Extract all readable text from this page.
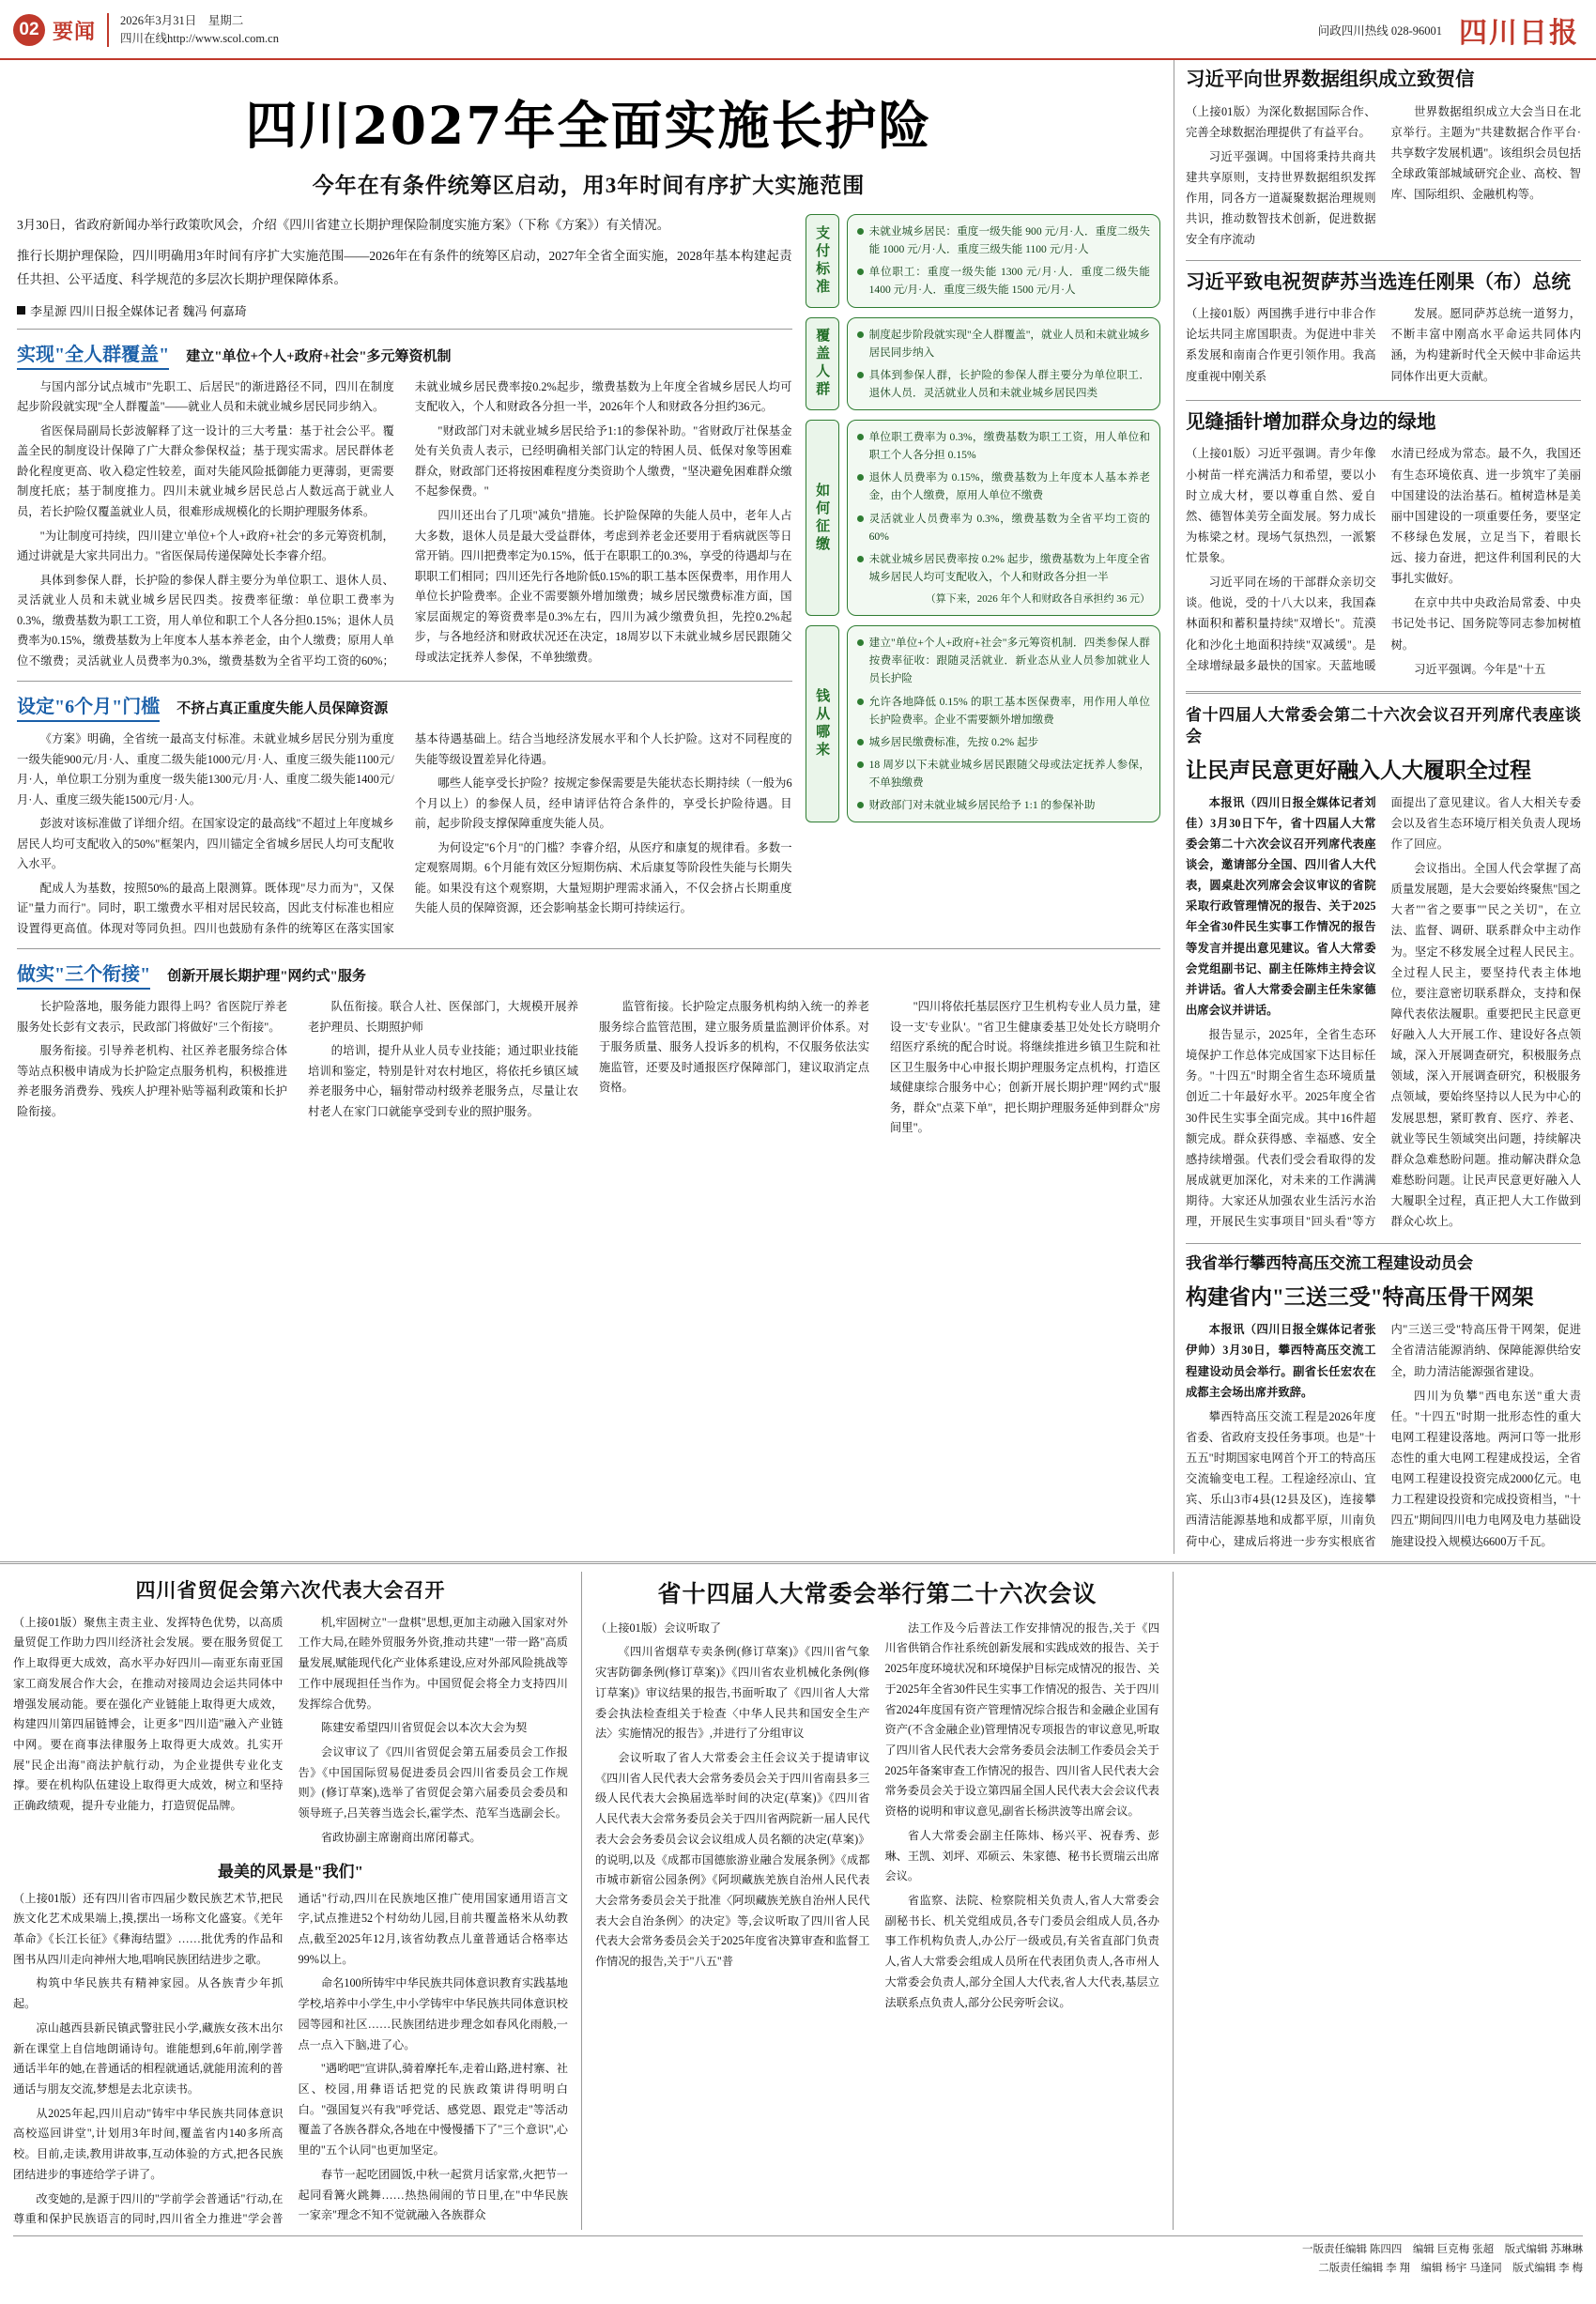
02 要闻 2026年3月31日　星期二
四川在线http://www.scol.com.cn
问政四川热线 028-96001 四川日报
四川2027年全面实施长护险
今年在有条件统筹区启动，用3年时间有序扩大实施范围

3月30日，省政府新闻办举行政策吹风会，介绍《四川省建立长期护理保险制度实施方案》（下称《方案》）有关情况。

推行长期护理保险，四川明确用3年时间有序扩大实施范围——2026年在有条件的统筹区启动，2027年全省全面实施，2028年基本构建起责任共担、公平适度、科学规范的多层次长期护理保障体系。

李星源 四川日报全媒体记者 魏冯 何嘉琦
实现"全人群覆盖" 建立"单位+个人+政府+社会"多元筹资机制

与国内部分试点城市"先职工、后居民"的渐进路径不同，四川在制度起步阶段就实现"全人群覆盖"——就业人员和未就业城乡居民同步纳入。

省医保局副局长彭波解释了这一设计的三大考量：基于社会公平。覆盖全民的制度设计保障了广大群众参保权益；基于现实需求。居民群体老龄化程度更高、收入稳定性较差，面对失能风险抵御能力更薄弱，更需要制度托底；基于制度推力。四川未就业城乡居民总占人数远高于就业人员，若长护险仅覆盖就业人员，很难形成规模化的长期护理服务体系。

"为让制度可持续，四川建立'单位+个人+政府+社会'的多元筹资机制，通过讲就是大家共同出力。"省医保局传递保障处长李睿介绍。

具体到参保人群，长护险的参保人群主要分为单位职工、退休人员、灵活就业人员和未就业城乡居民四类。按费率征缴：单位职工费率为0.3%，缴费基数为职工工资，用人单位和职工个人各分担0.15%；退休人员费率为0.15%，缴费基数为上年度本人基本养老金，由个人缴费；原用人单位不缴费；灵活就业人员费率为0.3%，缴费基数为全省平均工资的60%；未就业城乡居民费率按0.2%起步，缴费基数为上年度全省城乡居民人均可支配收入，个人和财政各分担一半，2026年个人和财政各分担约36元。

"财政部门对未就业城乡居民给予1:1的参保补助。"省财政厅社保基金处有关负责人表示，已经明确相关部门认定的特困人员、低保对象等困难群众，财政部门还将按困难程度分类资助个人缴费，"坚决避免困难群众缴不起参保费。"

四川还出台了几项"减负"措施。长护险保障的失能人员中，老年人占大多数，退休人员是最大受益群体，考虑到养老金还要用于看病就医等日常开销。四川把费率定为0.15%，低于在职职工的0.3%，享受的待遇却与在职职工们相同；四川还先行各地阶低0.15%的职工基本医保费率，用作用人单位长护险费率。企业不需要额外增加缴费；城乡居民缴费标准方面，国家层面规定的筹资费率是0.3%左右，四川为减少缴费负担，先控0.2%起步，与各地经济和财政状况还在决定，18周岁以下未就业城乡居民跟随父母或法定抚养人参保，不单独缴费。

设定"6个月"门槛 不挤占真正重度失能人员保障资源

《方案》明确，全省统一最高支付标准。未就业城乡居民分别为重度一级失能900元/月·人、重度二级失能1000元/月·人、重度三级失能1100元/月·人，单位职工分别为重度一级失能1300元/月·人、重度二级失能1400元/月·人、重度三级失能1500元/月·人。

彭波对该标准做了详细介绍。在国家设定的最高线"不超过上年度城乡居民人均可支配收入的50%"框架内，四川锚定全省城乡居民人均可支配收入水平。

配成人为基数，按照50%的最高上限测算。既体现"尽力而为"，又保证"量力而行"。同时，职工缴费水平相对居民较高，因此支付标准也相应设置得更高值。体现对等同负担。四川也鼓励有条件的统筹区在落实国家基本待遇基础上。结合当地经济发展水平和个人长护险。这对不同程度的失能等级设置差异化待遇。

哪些人能享受长护险？按规定参保需要是失能状态长期持续（一般为6个月以上）的参保人员，经申请评估符合条件的，享受长护险待遇。目前，起步阶段支撑保障重度失能人员。

为何设定"6个月"的门槛？李睿介绍，从医疗和康复的规律看。多数一定观察周期。6个月能有效区分短期伤病、术后康复等阶段性失能与长期失能。如果没有这个观察期，大量短期护理需求涌入，不仅会挤占长期重度失能人员的保障资源，还会影响基金长期可持续运行。

支付标准	未就业城乡居民：重度一级失能 900 元/月·人．重度二级失能 1000 元/月·人．重度三级失能 1100 元/月·人

单位职工：重度一级失能 1300 元/月·人．重度二级失能 1400 元/月·人．重度三级失能 1500 元/月·人

覆盖人群	制度起步阶段就实现"全人群覆盖"，就业人员和未就业城乡居民同步纳入

具体到参保人群，长护险的参保人群主要分为单位职工．退休人员．灵活就业人员和未就业城乡居民四类

如何征缴

单位职工费率为 0.3%，缴费基数为职工工资，用人单位和职工个人各分担 0.15%

退休人员费率为 0.15%，缴费基数为上年度本人基本养老金，由个人缴费，原用人单位不缴费

灵活就业人员费率为 0.3%，缴费基数为全省平均工资的 60%

未就业城乡居民费率按 0.2% 起步，缴费基数为上年度全省城乡居民人均可支配收入，个人和财政各分担一半

（算下来，2026 年个人和财政各自承担约 36 元）

钱从哪来

建立"单位+个人+政府+社会"多元筹资机制．四类参保人群按费率征收：跟随灵活就业．新业态从业人员参加就业人员长护险

允许各地降低 0.15% 的职工基本医保费率，用作用人单位长护险费率。企业不需要额外增加缴费

城乡居民缴费标准，先按 0.2% 起步

18 周岁以下未就业城乡居民跟随父母或法定抚养人参保，不单独缴费

财政部门对未就业城乡居民给予 1:1 的参保补助

做实"三个衔接" 创新开展长期护理"网约式"服务

长护险落地，服务能力跟得上吗？省医院厅养老服务处长彭有文表示，民政部门将做好"三个衔接"。

服务衔接。引导养老机构、社区养老服务综合体等站点积极申请成为长护险定点服务机构，积极推进养老服务消费券、残疾人护理补贴等福利政策和长护险衔接。

队伍衔接。联合人社、医保部门，大规模开展养老护理员、长期照护师

的培训，提升从业人员专业技能；通过职业技能培训和鉴定，特别是针对农村地区，将依托乡镇区域养老服务中心，辐射带动村级养老服务点，尽量让农村老人在家门口就能享受到专业的照护服务。

监管衔接。长护险定点服务机构纳入统一的养老服务综合监管范围，建立服务质量监测评价体系。对于服务质量、服务人投诉多的机构，不仅服务依法实施监管，还要及时通报医疗保障部门，建议取消定点资格。

"四川将依托基层医疗卫生机构专业人员力量，建设一支'专业队'。"省卫生健康委基卫处处长方晓明介绍医疗系统的配合时说。将继续推进乡镇卫生院和社区卫生服务中心申报长期护理服务定点机构，打造区域健康综合服务中心；创新开展长期护理"网约式"服务，群众"点菜下单"，把长期护理服务延伸到群众"房间里"。

习近平向世界数据组织成立致贺信

（上接01版）为深化数据国际合作、完善全球数据治理提供了有益平台。

习近平强调。中国将秉持共商共建共享原则，支持世界数据组织发挥作用，同各方一道凝聚数据治理规则共识，推动数智技术创新，促进数据安全有序流动

世界数据组织成立大会当日在北京举行。主题为"共建数据合作平台·共享数字发展机遇"。该组织会员包括全球政策部城域研究企业、高校、智库、国际组织、金融机构等。

习近平致电祝贺萨苏当选连任刚果（布）总统

（上接01版）两国携手进行中非合作论坛共同主席国职责。为促进中非关系发展和南南合作更引领作用。我高度重视中刚关系

发展。愿同萨苏总统一道努力，不断丰富中刚高水平命运共同体内涵，为构建新时代全天候中非命运共同体作出更大贡献。

见缝插针增加群众身边的绿地

（上接01版）习近平强调。青少年像小树苗一样充满活力和希望，要以小时立成大材，要以尊重自然、爱自然、德智体美劳全面发展。努力成长为栋梁之材。现场气氛热烈，一派繁忙景象。

习近平同在场的干部群众亲切交谈。他说，受的十八大以来，我国森林面积和蓄积量持续"双增长"。荒漠化和沙化土地面积持续"双减缓"。是全球增绿最多最快的国家。天蓝地暖水清已经成为常态。最不久，我国还有生态环境依真、进一步筑牢了美丽中国建设的法治基石。植树造林是美丽中国建设的一项重要任务，要坚定不移绿色发展，立足当下，着眼长远、接力奋进，把这件利国利民的大事扎实做好。

在京中共中央政治局常委、中央书记处书记、国务院等同志参加树植树。

习近平强调。今年是"十五

省十四届人大常委会第二十六次会议召开列席代表座谈会
让民声民意更好融入人大履职全过程

本报讯（四川日报全媒体记者刘佳）3月30日下午，省十四届人大常委会第二十六次会议召开列席代表座谈会，邀请部分全国、四川省人大代表，圆桌赴次列席会会议审议的省院采取行政管理情况的报告、关于2025年全省30件民生实事工作情况的报告等发言并提出意见建议。省人大常委会党组副书记、副主任陈炜主持会议并讲话。省人大常委会副主任朱家德出席会议并讲话。

报告显示，2025年，全省生态环境保护工作总体完成国家下达目标任务。"十四五"时期全省生态环境质量创近二十年最好水平。2025年度全省30件民生实事全面完成。其中16件超额完成。群众获得感、幸福感、安全感持续增强。代表们受会看取得的发展成就更加深化，对未来的工作满满期待。大家还从加强农业生活污水治理，开展民生实事项目"回头看"等方面提出了意见建议。省人大相关专委会以及省生态环境厅相关负责人现场作了回应。

会议指出。全国人代会掌握了高质量发展题，是大会要始终聚焦"国之大者""省之要事""民之关切"，在立法、监督、调研、联系群众中主动作为。坚定不移发展全过程人民民主。全过程人民主，要坚持代表主体地位，要注意密切联系群众，支持和保障代表依法履职。重要把民主民意更好融入人大开展工作、建设好各点领域，深入开展调查研究，积极服务点领域，深入开展调查研究，积极服务点领域，要始终坚持以人民为中心的发展思想，紧盯教育、医疗、养老、就业等民生领域突出问题，持续解决群众急难愁盼问题。推动解决群众急难愁盼问题。让民声民意更好融入人大履职全过程，真正把人大工作做到群众心坎上。

我省举行攀西特高压交流工程建设动员会
构建省内"三送三受"特高压骨干网架

本报讯（四川日报全媒体记者张伊帅）3月30日，攀西特高压交流工程建设动员会举行。副省长任宏农在成都主会场出席并致辞。

攀西特高压交流工程是2026年度省委、省政府支投任务事项。也是"十五五"时期国家电网首个开工的特高压交流输变电工程。工程途经凉山、宜宾、乐山3市4县(12县及区)，连接攀西清洁能源基地和成都平原，川南负荷中心，建成后将进一步夯实根底省内"三送三受"特高压骨干网架，促进全省清洁能源消纳、保障能源供给安全，助力清洁能源强省建设。

四川为负攀"西电东送"重大责任。"十四五"时期一批形态性的重大电网工程建设落地。两河口等一批形态性的重大电网工程建成投运，全省电网工程建设投资完成2000亿元。电力工程建设投资和完成投资相当，"十四五"期间四川电力电网及电力基础设施建设投入规模达6600万千瓦。

四川省贸促会第六次代表大会召开

（上接01版）聚焦主责主业、发挥特色优势，以高质量贸促工作助力四川经济社会发展。要在服务贸促工作上取得更大成效，高水平办好四川—南亚东南亚国家工商发展合作大会，在推动对接周边会运共同体中增强发展动能。要在强化产业链能上取得更大成效，构建四川第四届链博会，让更多"四川造"融入产业链中网。要在商事法律服务上取得更大成效。扎实开展"民企出海"商法护航行动，为企业提供专业化支撑。要在机构队伍建设上取得更大成效，树立和坚持正确政绩观，提升专业能力，打造贸促品牌。

机,牢固树立"一盘棋"思想,更加主动融入国家对外工作大局,在睦外贸服务外资,推动共建"一带一路"高质量发展,赋能现代化产业体系建设,应对外部风险挑战等工作中展现担任当作为。中国贸促会将全力支持四川发挥综合优势。

陈建安希望四川省贸促会以本次大会为契

会议审议了《四川省贸促会第五届委员会工作报告》《中国国际贸易促进委员会四川省委员会工作规则》(修订草案),选举了省贸促会第六届委员会委员和领导班子,吕芙蓉当选会长,霍学杰、范军当选副会长。

省政协副主席谢商出席闭幕式。

最美的风景是"我们"

（上接01版）还有四川省市四届少数民族艺术节,把民族文化艺术成果端上,摸,摆出一场称文化盛宴。《羌年革命》《长江长征》《彝海结盟》……批优秀的作品和图书从四川走向神州大地,唱响民族团结进步之歌。

构筑中华民族共有精神家园。从各族青少年抓起。

凉山越西县新民镇武警驻民小学,藏族女孩木出尔新在课堂上自信地朗诵诗句。谁能想到,6年前,刚学普通话半年的她,在普通话的相程就通话,就能用流利的普通话与朋友交流,梦想是去北京读书。

从2025年起,四川启动"铸牢中华民族共同体意识高校巡回讲堂",计划用3年时间,覆盖省内140多所高校。目前,走读,教用讲故事,互动体验的方式,把各民族团结进步的事迹给学子讲了。

改变她的,是源于四川的"学前学会普通话"行动,在尊重和保护民族语言的同时,四川省全力推进"学会普通话"行动,四川在民族地区推广使用国家通用语言文字,试点推进52个村幼幼儿园,目前共覆盖格米从幼教点,截至2025年12月,该省幼教点儿童普通话合格率达99%以上。

命名100所铸牢中华民族共同体意识教育实践基地学校,培养中小学生,中小学铸牢中华民族共同体意识校园等园和社区……民族团结进步理念如春风化雨般,一点一点入下脑,进了心。

"遇哟吧"宣讲队,骑着摩托车,走着山路,进村寨、社区、校园,用彝语话把党的民族政策讲得明明白白。"强国复兴有我"呼党话、感党恩、跟党走"等活动覆盖了各族各群众,各地在中慢慢播下了"三个意识",心里的"五个认同"也更加坚定。

春节一起吃团圆饭,中秋一起赏月话家常,火把节一起同看篝火跳舞……热热闹闹的节日里,在"中华民族一家亲"理念不知不觉就融入各族群众

省十四届人大常委会举行第二十六次会议

（上接01版）会议听取了

《四川省烟草专卖条例(修订草案)》《四川省气象灾害防御条例(修订草案)》《四川省农业机械化条例(修订草案)》审议结果的报告,书面听取了《四川省人大常委会执法检查组关于检查〈中华人民共和国安全生产法〉实施情况的报告》,并进行了分组审议

会议听取了省人大常委会主任会议关于提请审议《四川省人民代表大会常务委员会关于四川省南县多三级人民代表大会换届选举时间的决定(草案)》《四川省人民代表大会常务委员会关于四川省两院新一届人民代表大会会务委员会议会议组成人员名额的决定(草案)》的说明,以及《成都市国德旅游业融合发展条例》《成都市城市新宿公园条例》《阿坝藏族羌族自治州人民代表大会常务委员会关于批准〈阿坝藏族羌族自治州人民代表大会自治条例〉的决定》等,会议听取了四川省人民代表大会常务委员会关于2025年度省决算审查和监督工作情况的报告,关于"八五"普

法工作及今后普法工作安排情况的报告,关于《四川省供销合作社系统创新发展和实践成效的报告、关于2025年度环境状况和环境保护目标完成情况的报告、关于2025年全省30件民生实事工作情况的报告、关于四川省2024年度国有资产管理情况综合报告和金融企业国有资产(不含金融企业)管理情况专项报告的审议意见,听取了四川省人民代表大会常务委员会法制工作委员会关于2025年备案审查工作情况的报告、四川省人民代表大会常务委员会关于设立第四届全国人民代表大会会议代表资格的说明和审议意见,副省长杨洪波等出席会议。

省人大常委会副主任陈炜、杨兴平、祝春秀、彭琳、王凯、刘坪、邓硕云、朱家德、秘书长贾瑞云出席会议。

省监察、法院、检察院相关负责人,省人大常委会副秘书长、机关党组成员,各专门委员会组成人员,各办事工作机构负责人,办公厅一级或员,有关省直部门负责人,省人大常委会组成人员所在代表团负责人,各市州人大常委会负责人,部分全国人大代表,省人大代表,基层立法联系点负责人,部分公民旁听会议。

一版责任编辑 陈四四　编辑 巨克梅 张超　版式编辑 苏琳琳
二版责任编辑 李 翔　编辑 杨宇 马逢同　版式编辑 李 梅
